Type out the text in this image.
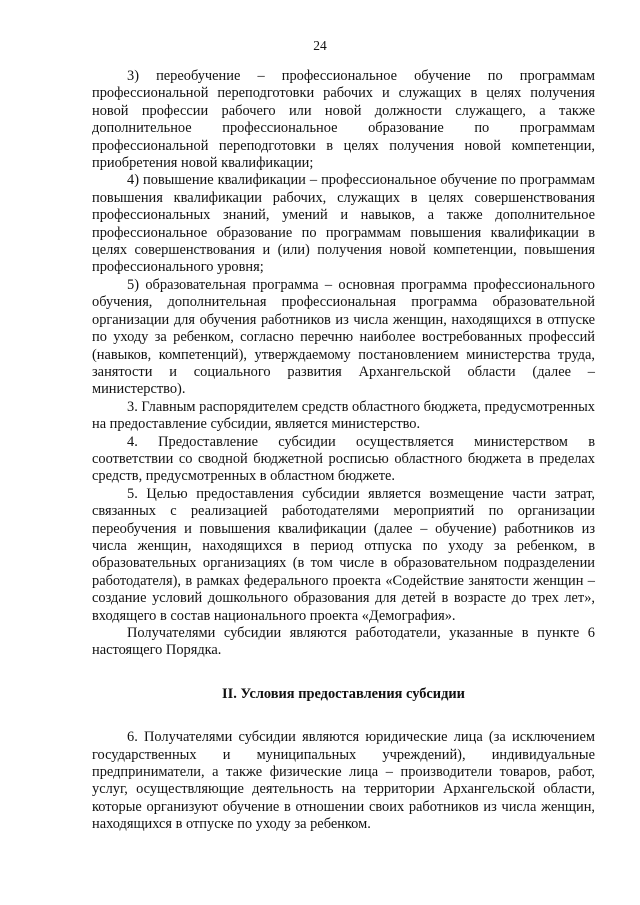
24

3) переобучение – профессиональное обучение по программам профессиональной переподготовки рабочих и служащих в целях получения новой профессии рабочего или новой должности служащего, а также дополнительное профессиональное образование по программам профессиональной переподготовки в целях получения новой компетенции, приобретения новой квалификации;

4) повышение квалификации – профессиональное обучение по программам повышения квалификации рабочих, служащих в целях совершенствования профессиональных знаний, умений и навыков, а также дополнительное профессиональное образование по программам повышения квалификации в целях совершенствования и (или) получения новой компетенции, повышения профессионального уровня;

5) образовательная программа – основная программа профессионального обучения, дополнительная профессиональная программа образовательной организации для обучения работников из числа женщин, находящихся в отпуске по уходу за ребенком, согласно перечню наиболее востребованных профессий (навыков, компетенций), утверждаемому постановлением министерства труда, занятости и социального развития Архангельской области (далее – министерство).

3. Главным распорядителем средств областного бюджета, предусмотренных на предоставление субсидии, является министерство.

4. Предоставление субсидии осуществляется министерством в соответствии со сводной бюджетной росписью областного бюджета в пределах средств, предусмотренных в областном бюджете.

5. Целью предоставления субсидии является возмещение части затрат, связанных с реализацией работодателями мероприятий по организации переобучения и повышения квалификации (далее – обучение) работников из числа женщин, находящихся в период отпуска по уходу за ребенком, в образовательных организациях (в том числе в образовательном подразделении работодателя), в рамках федерального проекта «Содействие занятости женщин – создание условий дошкольного образования для детей в возрасте до трех лет», входящего в состав национального проекта «Демография».

Получателями субсидии являются работодатели, указанные в пункте 6 настоящего Порядка.

II. Условия предоставления субсидии

6. Получателями субсидии являются юридические лица (за исключением государственных и муниципальных учреждений), индивидуальные предприниматели, а также физические лица – производители товаров, работ, услуг, осуществляющие деятельность на территории Архангельской области, которые организуют обучение в отношении своих работников из числа женщин, находящихся в отпуске по уходу за ребенком.
